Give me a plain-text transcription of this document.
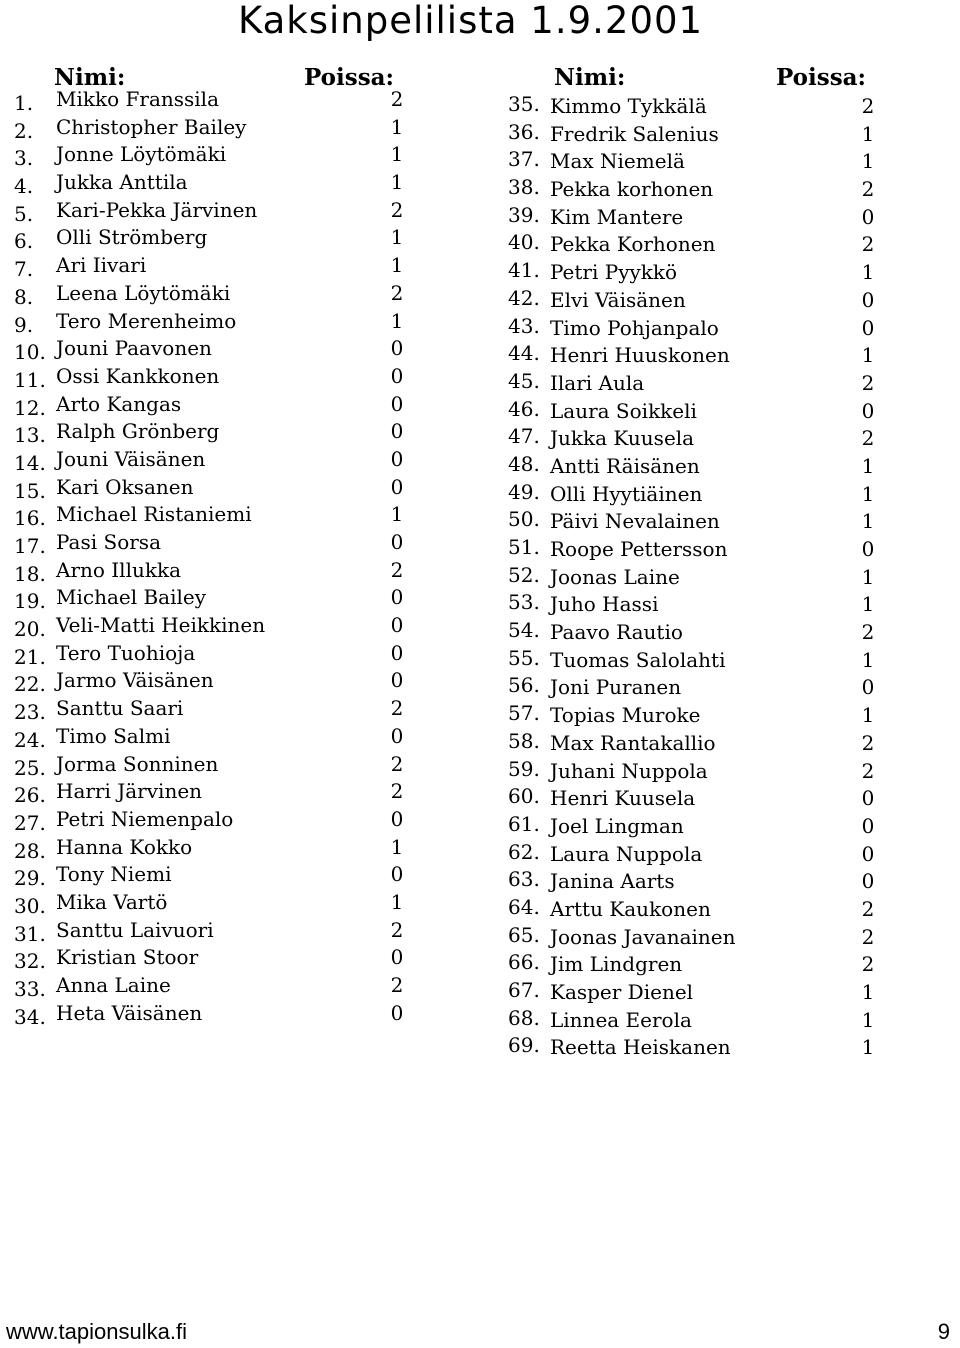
Kaksinpelilista 1.9.2001
Nimi:	Poissa:
1. Mikko Franssila	2
2. Christopher Bailey	1
3. Jonne Löytömäki	1
4. Jukka Anttila	1
5. Kari-Pekka Järvinen	2
6. Olli Strömberg	1
7. Ari Iivari	1
8. Leena Löytömäki	2
9. Tero Merenheimo	1
10. Jouni Paavonen	0
11. Ossi Kankkonen	0
12. Arto Kangas	0
13. Ralph Grönberg	0
14. Jouni Väisänen	0
15. Kari Oksanen	0
16. Michael Ristaniemi	1
17. Pasi Sorsa	0
18. Arno Illukka	2
19. Michael Bailey	0
20. Veli-Matti Heikkinen	0
21. Tero Tuohioja	0
22. Jarmo Väisänen	0
23. Santtu Saari	2
24. Timo Salmi	0
25. Jorma Sonninen	2
26. Harri Järvinen	2
27. Petri Niemenpalo	0
28. Hanna Kokko	1
29. Tony Niemi	0
30. Mika Vartö	1
31. Santtu Laivuori	2
32. Kristian Stoor	0
33. Anna Laine	2
34. Heta Väisänen	0
Nimi:	Poissa:
35. Kimmo Tykkälä	2
36. Fredrik Salenius	1
37. Max Niemelä	1
38. Pekka korhonen	2
39. Kim Mantere	0
40. Pekka Korhonen	2
41. Petri Pyykkö	1
42. Elvi Väisänen	0
43. Timo Pohjanpalo	0
44. Henri Huuskonen	1
45. Ilari Aula	2
46. Laura Soikkeli	0
47. Jukka Kuusela	2
48. Antti Räisänen	1
49. Olli Hyytiäinen	1
50. Päivi Nevalainen	1
51. Roope Pettersson	0
52. Joonas Laine	1
53. Juho Hassi	1
54. Paavo Rautio	2
55. Tuomas Salolahti	1
56. Joni Puranen	0
57. Topias Muroke	1
58. Max Rantakallio	2
59. Juhani Nuppola	2
60. Henri Kuusela	0
61. Joel Lingman	0
62. Laura Nuppola	0
63. Janina Aarts	0
64. Arttu Kaukonen	2
65. Joonas Javanainen	2
66. Jim Lindgren	2
67. Kasper Dienel	1
68. Linnea Eerola	1
69. Reetta Heiskanen	1
www.tapionsulka.fi	9
